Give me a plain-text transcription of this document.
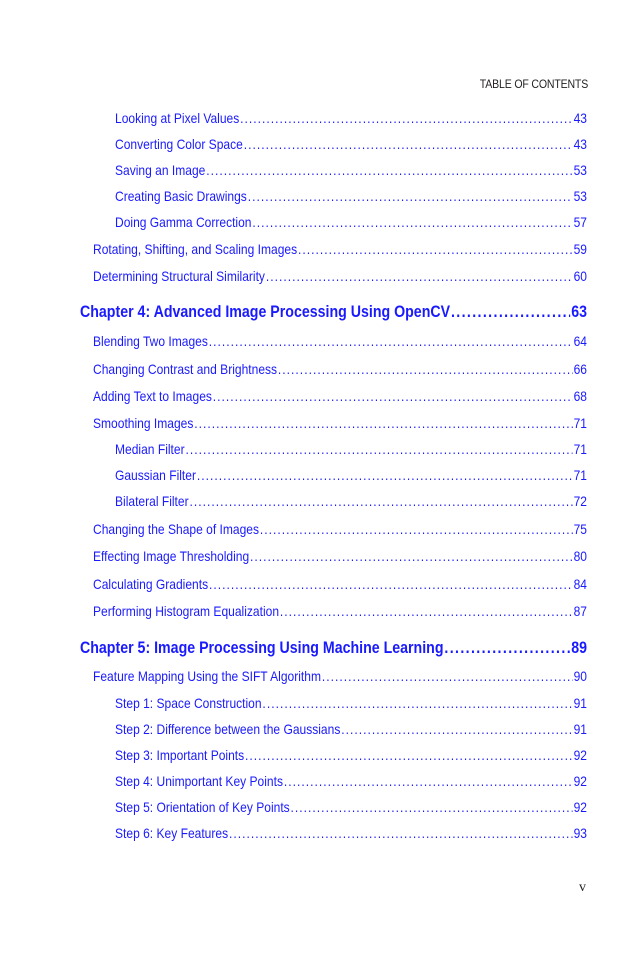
TABLE OF CONTENTS
Looking at Pixel Values .....	43
Converting Color Space .....	43
Saving an Image .....	53
Creating Basic Drawings .....	53
Doing Gamma Correction .....	57
Rotating, Shifting, and Scaling Images .....	59
Determining Structural Similarity .....	60
Chapter 4: Advanced Image Processing Using OpenCV .....	63
Blending Two Images .....	64
Changing Contrast and Brightness .....	66
Adding Text to Images .....	68
Smoothing Images .....	71
Median Filter .....	71
Gaussian Filter .....	71
Bilateral Filter .....	72
Changing the Shape of Images .....	75
Effecting Image Thresholding .....	80
Calculating Gradients .....	84
Performing Histogram Equalization .....	87
Chapter 5: Image Processing Using Machine Learning .....	89
Feature Mapping Using the SIFT Algorithm .....	90
Step 1: Space Construction .....	91
Step 2: Difference between the Gaussians .....	91
Step 3: Important Points .....	92
Step 4: Unimportant Key Points .....	92
Step 5: Orientation of Key Points .....	92
Step 6: Key Features .....	93
v
